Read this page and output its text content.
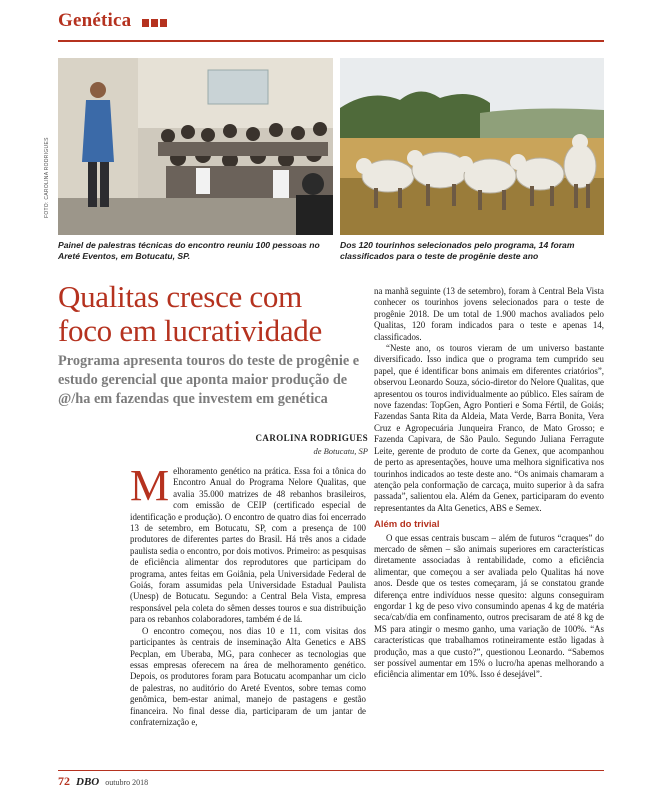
Genética
FOTO: CAROLINA RODRIGUES
Painel de palestras técnicas do encontro reuniu 100 pessoas no Areté Eventos, em Botucatu, SP.
Dos 120 tourinhos selecionados pelo programa, 14 foram classificados para o teste de progênie deste ano
Qualitas cresce com foco em lucratividade
Programa apresenta touros do teste de progênie e estudo gerencial que aponta maior produção de @/ha em fazendas que investem em genética
CAROLINA RODRIGUES
de Botucatu, SP
M elhoramento genético na prática. Essa foi a tônica do Encontro Anual do Programa Nelore Qualitas, que avalia 35.000 matrizes de 48 rebanhos brasileiros, com emissão de CEIP (certificado especial de identificação e produção). O encontro de quatro dias foi encerrado 13 de setembro, em Botucatu, SP, com a presença de 100 produtores de diferentes partes do Brasil. Há três anos a cidade paulista sedia o encontro, por dois motivos. Primeiro: as pesquisas de eficiência alimentar dos reprodutores que participam do programa, antes feitas em Goiânia, pela Universidade Federal de Goiás, foram assumidas pela Universidade Estadual Paulista (Unesp) de Botucatu. Segundo: a Central Bela Vista, empresa responsável pela coleta do sêmen desses touros e sua distribuição para os rebanhos colaboradores, também é de lá.

O encontro começou, nos dias 10 e 11, com visitas dos participantes às centrais de inseminação Alta Genetics e ABS Pecplan, em Uberaba, MG, para conhecer as tecnologias que essas empresas oferecem na área de melhoramento genético. Depois, os produtores foram para Botucatu acompanhar um ciclo de palestras, no auditório do Areté Eventos, sobre temas como genômica, bem-estar animal, manejo de pastagens e gestão financeira. No final desse dia, participaram de um jantar de confraternização e,

na manhã seguinte (13 de setembro), foram à Central Bela Vista conhecer os tourinhos jovens selecionados para o teste de progênie 2018. De um total de 1.900 machos avaliados pelo Qualitas, 120 foram indicados para o teste e apenas 14, classificados.

“Neste ano, os touros vieram de um universo bastante diversificado. Isso indica que o programa tem cumprido seu papel, que é identificar bons animais em diferentes criatórios”, observou Leonardo Souza, sócio-diretor do Nelore Qualitas, que apresentou os touros individualmente ao público. Eles saíram de nove fazendas: TopGen, Agro Pontieri e Soma Fértil, de Goiás; Fazendas Santa Rita da Aldeia, Mata Verde, Barra Bonita, Vera Cruz e Agropecuária Junqueira Franco, de Mato Grosso; e Fazenda Capivara, de São Paulo. Segundo Juliana Ferragute Leite, gerente de produto de corte da Genex, que acompanhou de perto as apresentações, houve uma melhora significativa nos tourinhos indicados ao teste deste ano. “Os animais chamaram a atenção pela conformação de carcaça, muito superior à da safra passada”, salientou ela. Além da Genex, participaram do evento representantes da Alta Genetics, ABS e Semex.

Além do trivial

O que essas centrais buscam – além de futuros “craques” do mercado de sêmen – são animais superiores em características diretamente associadas à rentabilidade, como a eficiência alimentar, que começou a ser avaliada pelo Qualitas há nove anos. Desde que os testes começaram, já se constatou grande diferença entre indivíduos nesse quesito: alguns conseguiram engordar 1 kg de peso vivo consumindo apenas 4 kg de matéria seca/cab/dia em confinamento, outros precisaram de até 8 kg de MS para atingir o mesmo ganho, uma variação de 100%. “As características que trabalhamos rotineiramente estão ligadas à produção, mas a que custo?”, questionou Leonardo. “Sabemos ser possível aumentar em 15% o lucro/ha apenas melhorando a eficiência alimentar em 10%. Isso é desejável”.

72 DBO outubro 2018
